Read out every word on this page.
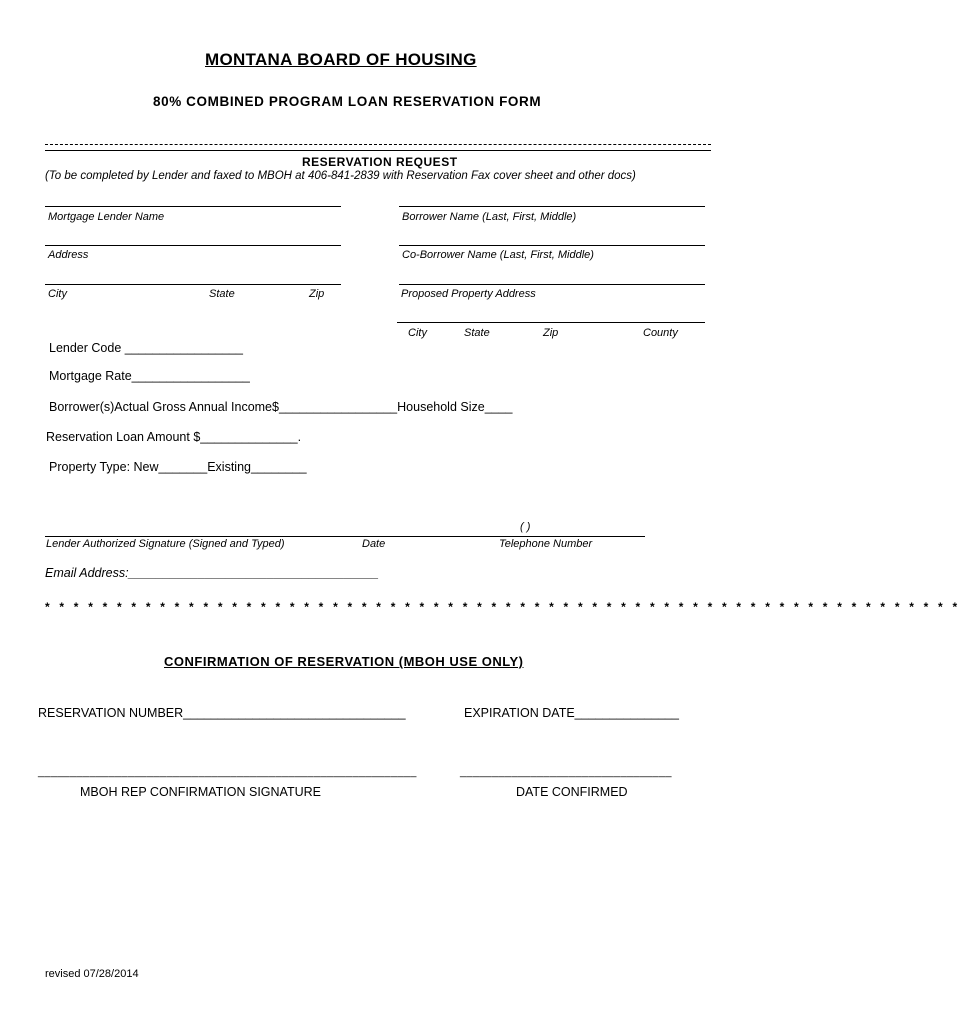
MONTANA BOARD OF HOUSING
80% COMBINED PROGRAM LOAN RESERVATION FORM
RESERVATION REQUEST
(To be completed by Lender and faxed to MBOH at 406-841-2839 with Reservation Fax cover sheet and other docs)
Mortgage Lender Name
Address
City	State	Zip
Borrower Name (Last, First, Middle)
Co-Borrower Name (Last, First, Middle)
Proposed Property Address
City	State	Zip	County
Lender Code _________________
Mortgage Rate_________________
Borrower(s)Actual Gross Annual Income$_________________Household Size____
Reservation Loan Amount $______________.
Property Type: New_______Existing________
( )
Lender Authorized Signature (Signed and Typed)	Date	Telephone Number
Email Address:____________________________________
* * * * * * * * * * * * * * * * * * * * * * * * * * * * * * * * * * * * * * * * * * * * * * * * * * * * * * * * * * * * * * * *
CONFIRMATION OF RESERVATION (MBOH USE ONLY)
RESERVATION NUMBER________________________________	EXPIRATION DATE_______________
___________________________________________________________	_________________________________
MBOH REP CONFIRMATION SIGNATURE	DATE CONFIRMED
revised 07/28/2014
